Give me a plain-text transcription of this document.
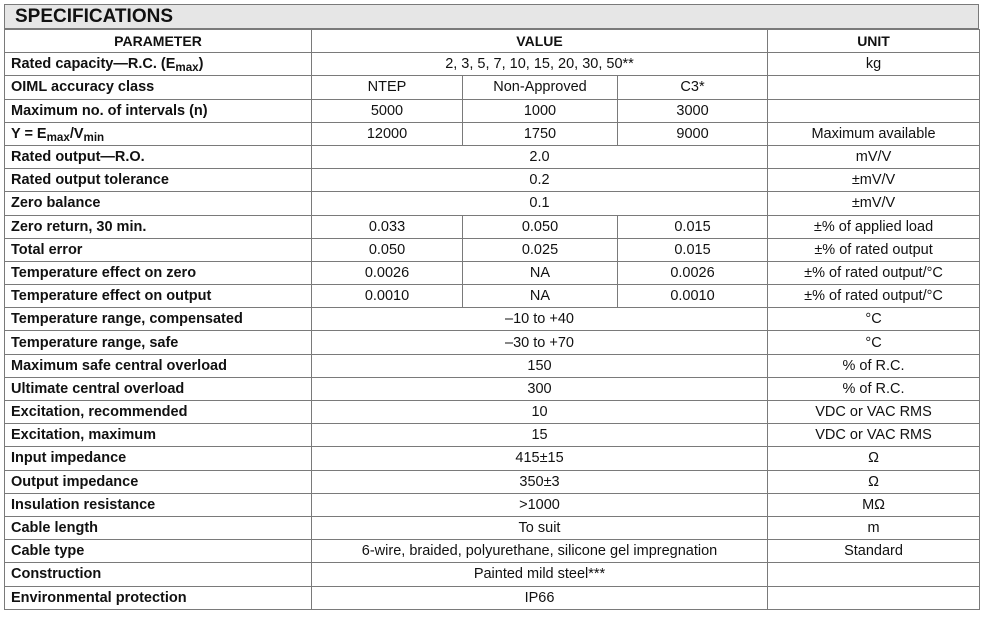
SPECIFICATIONS
PARAMETER	VALUE			UNIT
Rated capacity—R.C. $(E_{max})$	2, 3, 5, 7, 10, 15, 20, 30, 50**			kg
OIML accuracy class	NTEP	Non-Approved	C3*	
Maximum no. of intervals (n)	5000	1000	3000	
$Y = E_{max}/V_{min}$	12000	1750	9000	Maximum available
Rated output—R.O.	2.0			mV/V
Rated output tolerance	0.2			±mV/V
Zero balance	0.1			±mV/V
Zero return, 30 min.	0.033	0.050	0.015	±% of applied load
Total error	0.050	0.025	0.015	±% of rated output
Temperature effect on zero	0.0026	NA	0.0026	±% of rated output/°C
Temperature effect on output	0.0010	NA	0.0010	±% of rated output/°C
Temperature range, compensated	–10 to +40			°C
Temperature range, safe	–30 to +70			°C
Maximum safe central overload	150			% of R.C.
Ultimate central overload	300			% of R.C.
Excitation, recommended	10			VDC or VAC RMS
Excitation, maximum	15			VDC or VAC RMS
Input impedance	415±15			Ω
Output impedance	350±3			Ω
Insulation resistance	>1000			MΩ
Cable length	To suit			m
Cable type	6-wire, braided, polyurethane, silicone gel impregnation			Standard
Construction	Painted mild steel***			
Environmental protection	IP66			
